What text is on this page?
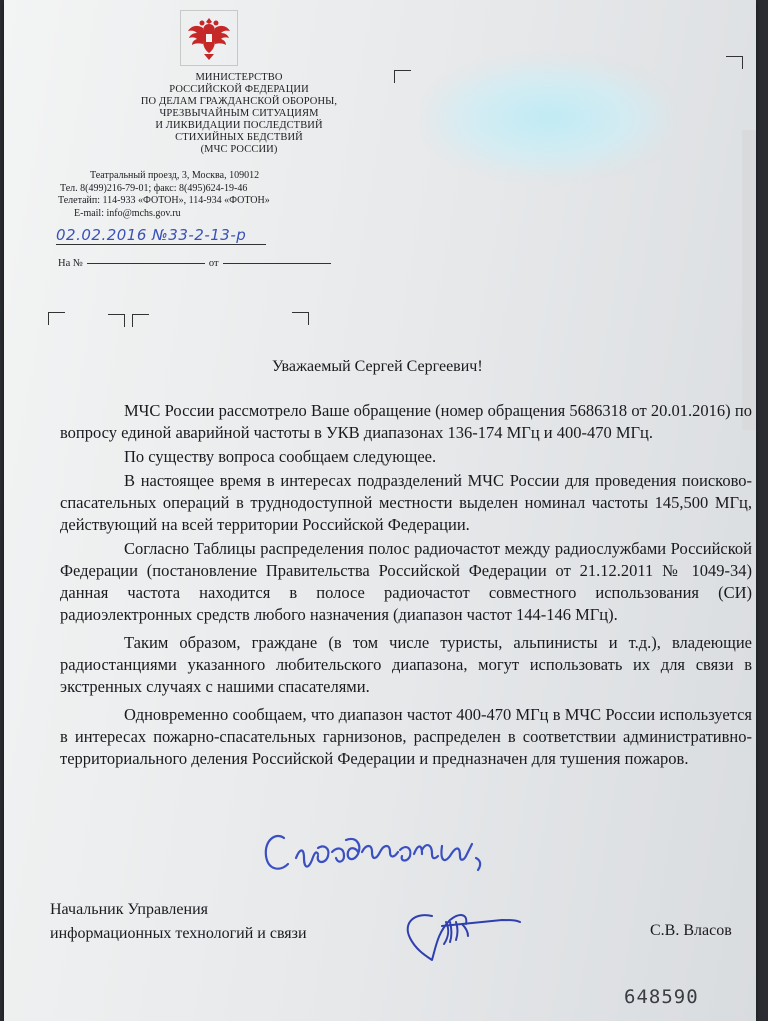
МИНИСТЕРСТВО
РОССИЙСКОЙ ФЕДЕРАЦИИ
ПО ДЕЛАМ ГРАЖДАНСКОЙ ОБОРОНЫ,
ЧРЕЗВЫЧАЙНЫМ СИТУАЦИЯМ
И ЛИКВИДАЦИИ ПОСЛЕДСТВИЙ
СТИХИЙНЫХ БЕДСТВИЙ
(МЧС РОССИИ)
Театральный проезд, 3, Москва, 109012
Тел. 8(499)216-79-01; факс: 8(495)624-19-46
Телетайп: 114-933 «ФОТОН», 114-934 «ФОТОН»
E-mail: info@mchs.gov.ru
02.02.2016 №33-2-13-р
На №	от
Уважаемый Сергей Сергеевич!

МЧС России рассмотрело Ваше обращение (номер обращения 5686318 от 20.01.2016) по вопросу единой аварийной частоты в УКВ диапазонах 136-174 МГц и 400-470 МГц.

По существу вопроса сообщаем следующее.

В настоящее время в интересах подразделений МЧС России для проведения поисково-спасательных операций в труднодоступной местности выделен номинал частоты 145,500 МГц, действующий на всей территории Российской Федерации.

Согласно Таблицы распределения полос радиочастот между радиослужбами Российской Федерации (постановление Правительства Российской Федерации от 21.12.2011 № 1049-34) данная частота находится в полосе радиочастот совместного использования (СИ) радиоэлектронных средств любого назначения (диапазон частот 144-146 МГц).

Таким образом, граждане (в том числе туристы, альпинисты и т.д.), владеющие радиостанциями указанного любительского диапазона, могут использовать их для связи в экстренных случаях с нашими спасателями.

Одновременно сообщаем, что диапазон частот 400-470 МГц в МЧС России используется в интересах пожарно-спасательных гарнизонов, распределен в соответствии административно-территориального деления Российской Федерации и предназначен для тушения пожаров.

Начальник Управления
информационных технологий и связи	С.В. Власов
648590
